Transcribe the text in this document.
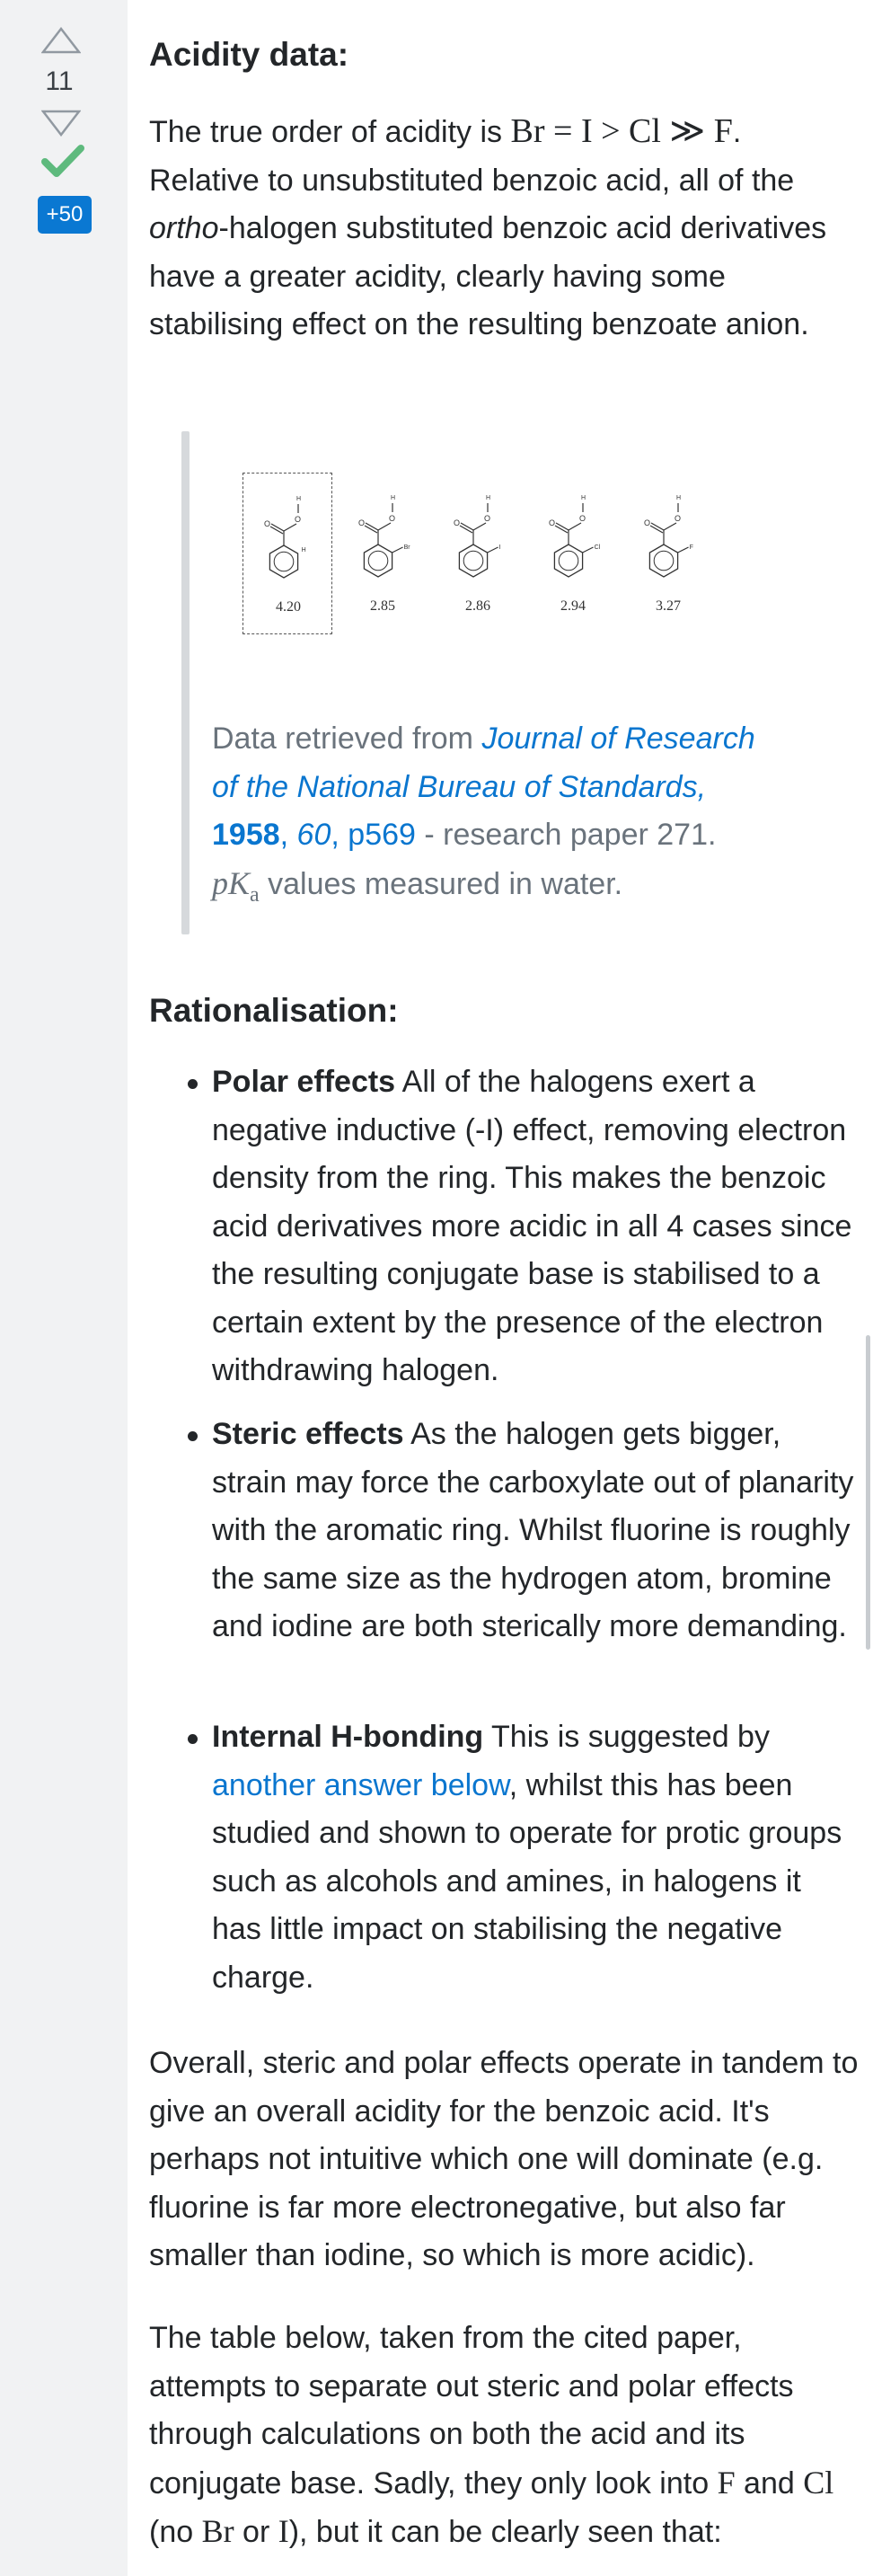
11
+50
Acidity data:

The true order of acidity is Br = I > Cl ≫ F. Relative to unsubstituted benzoic acid, all of the ortho-halogen substituted benzoic acid derivatives have a greater acidity, clearly having some stabilising effect on the resulting benzoate anion.

O	O
H
H
4.20
O	O
H
Br
2.85
O	O
H
I
2.86
O	O
H
Cl
2.94
O	O
H
F
3.27

Data retrieved from Journal of Research of the National Bureau of Standards,
1958, 60, p569 - research paper 271.
$pK_a$ values measured in water.

Rationalisation:

Polar effects All of the halogens exert a negative inductive (-I) effect, removing electron density from the ring. This makes the benzoic acid derivatives more acidic in all 4 cases since the resulting conjugate base is stabilised to a certain extent by the presence of the electron withdrawing halogen.

Steric effects As the halogen gets bigger, strain may force the carboxylate out of planarity with the aromatic ring. Whilst fluorine is roughly the same size as the hydrogen atom, bromine and iodine are both sterically more demanding.

Internal H-bonding This is suggested by another answer below, whilst this has been studied and shown to operate for protic groups such as alcohols and amines, in halogens it has little impact on stabilising the negative charge.

Overall, steric and polar effects operate in tandem to give an overall acidity for the benzoic acid. It's perhaps not intuitive which one will dominate (e.g. fluorine is far more electronegative, but also far smaller than iodine, so which is more acidic).

The table below, taken from the cited paper, attempts to separate out steric and polar effects through calculations on both the acid and its conjugate base. Sadly, they only look into F and Cl (no Br or I), but it can be clearly seen that:
